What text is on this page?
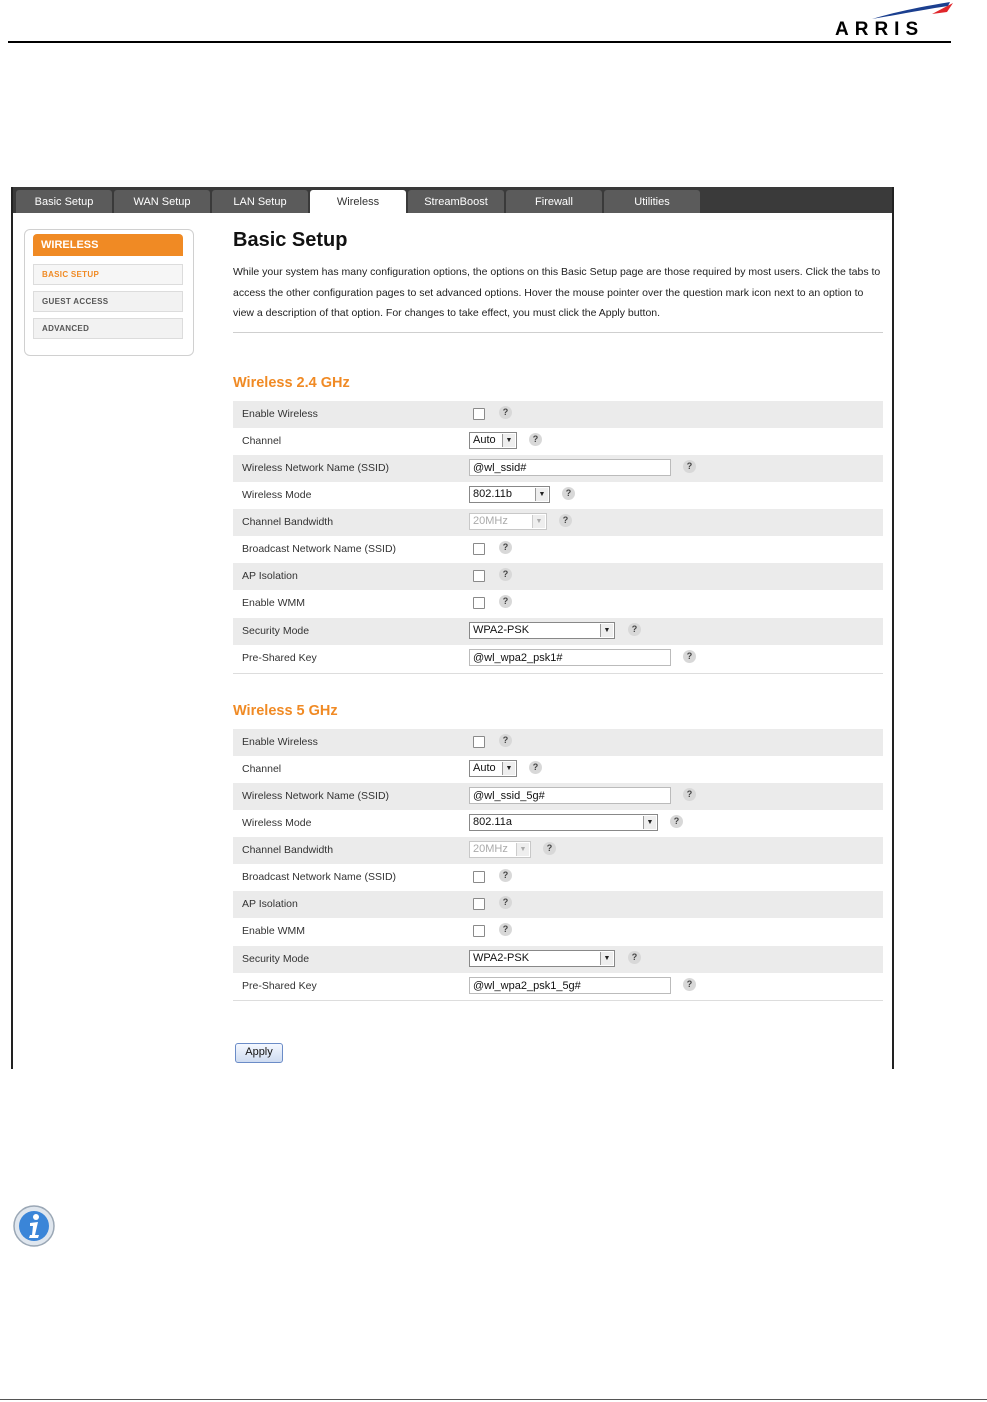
ARRIS
Basic Setup	WAN Setup	LAN Setup	Wireless	StreamBoost	Firewall	Utilities
WIRELESS
BASIC SETUP
GUEST ACCESS
ADVANCED
Basic Setup
While your system has many configuration options, the options on this Basic Setup page are those required by most users. Click the tabs to access the other configuration pages to set advanced options. Hover the mouse pointer over the question mark icon next to an option to view a description of that option. For changes to take effect, you must click the Apply button.
Wireless 2.4 GHz
Enable Wireless	?
Channel	Auto	▼	?
Wireless Network Name (SSID)	@wl_ssid#	?
Wireless Mode	802.11b	▼	?
Channel Bandwidth	20MHz	▼	?
Broadcast Network Name (SSID)	?
AP Isolation	?
Enable WMM	?
Security Mode	WPA2-PSK	▼	?
Pre-Shared Key	@wl_wpa2_psk1#	?
Wireless 5 GHz
Enable Wireless	?
Channel	Auto	▼	?
Wireless Network Name (SSID)	@wl_ssid_5g#	?
Wireless Mode	802.11a	▼	?
Channel Bandwidth	20MHz	▼	?
Broadcast Network Name (SSID)	?
AP Isolation	?
Enable WMM	?
Security Mode	WPA2-PSK	▼	?
Pre-Shared Key	@wl_wpa2_psk1_5g#	?
Apply
